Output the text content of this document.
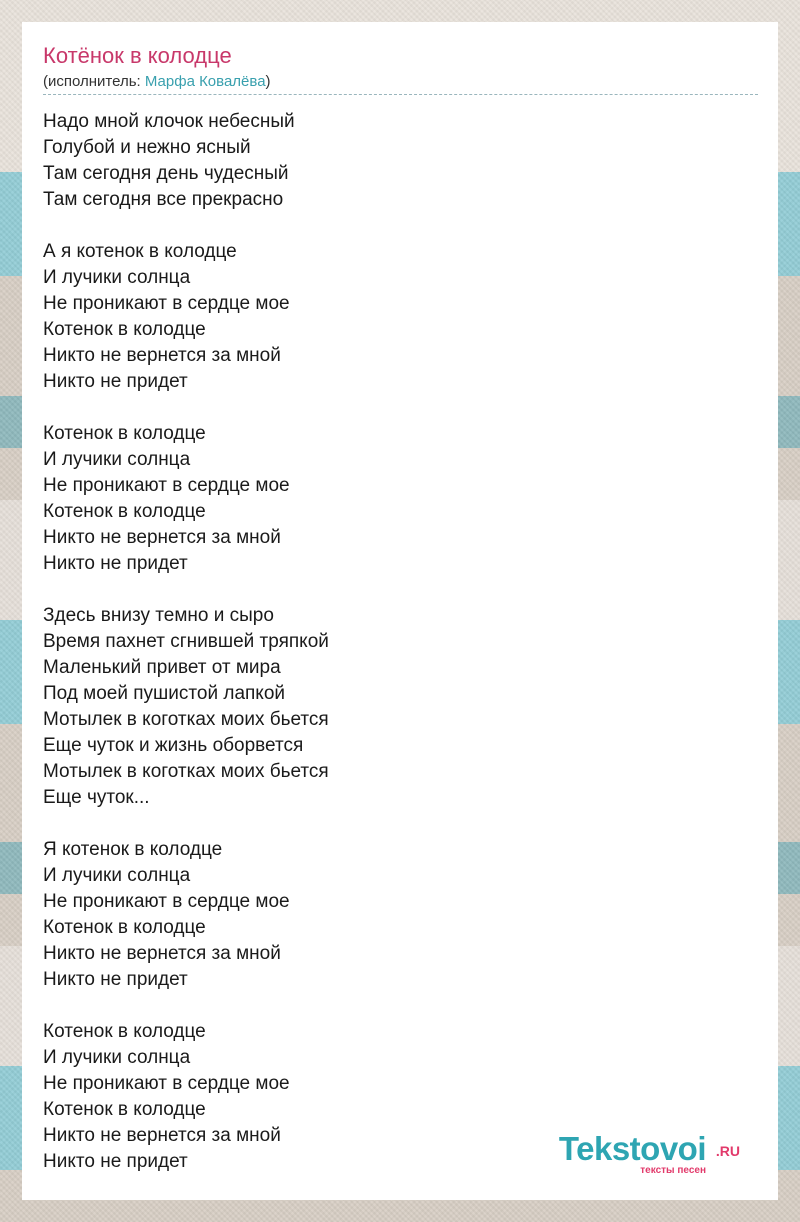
Котёнок в колодце
(исполнитель: Марфа Ковалёва)
Надо мной клочок небесный
Голубой и нежно ясный
Там сегодня день чудесный
Там сегодня все прекрасно
А я котенок в колодце
И лучики солнца
Не проникают в сердце мое
Котенок в колодце
Никто не вернется за мной
Никто не придет
Котенок в колодце
И лучики солнца
Не проникают в сердце мое
Котенок в колодце
Никто не вернется за мной
Никто не придет
Здесь внизу темно и сыро
Время пахнет сгнившей тряпкой
Маленький привет от мира
Под моей пушистой лапкой
Мотылек в коготках моих бьется
Еще чуток и жизнь оборвется
Мотылек в коготках моих бьется
Еще чуток...
Я котенок в колодце
И лучики солнца
Не проникают в сердце мое
Котенок в колодце
Никто не вернется за мной
Никто не придет
Котенок в колодце
И лучики солнца
Не проникают в сердце мое
Котенок в колодце
Никто не вернется за мной
Никто не придет	Tekstovoi .RU
тексты песен
